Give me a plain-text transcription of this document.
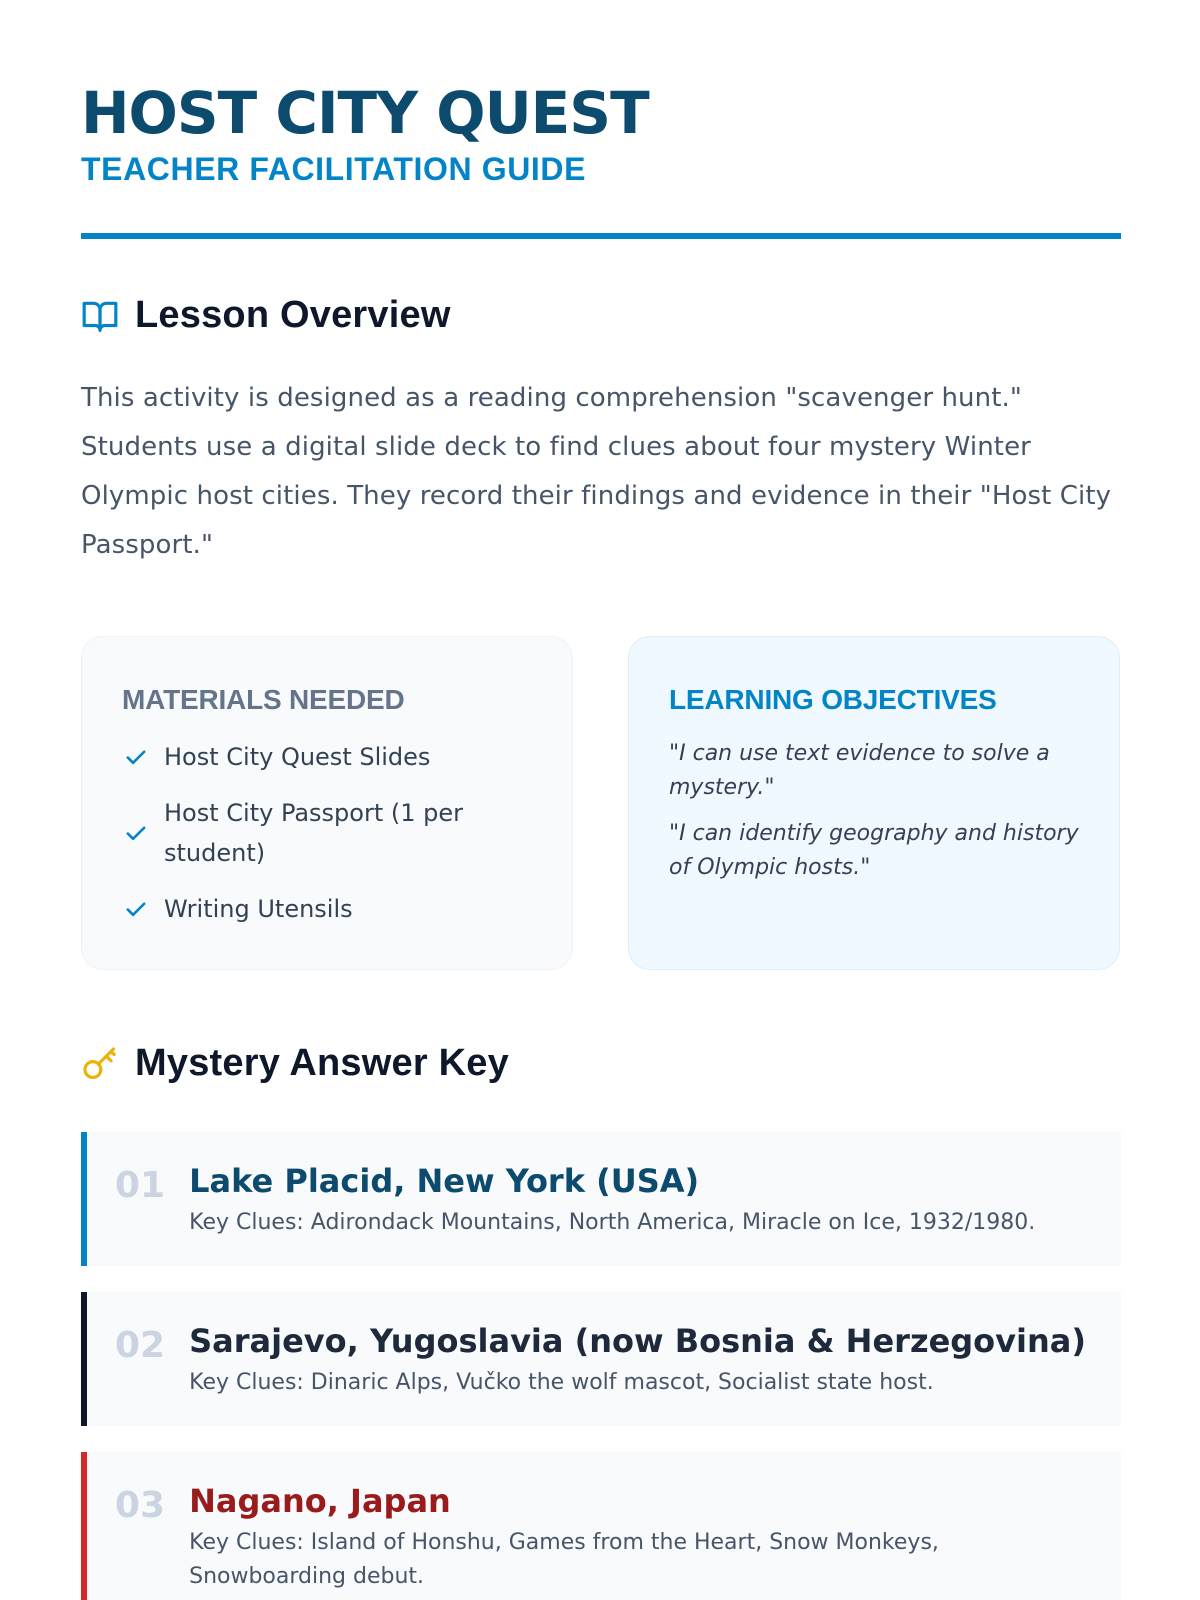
HOST CITY QUEST
TEACHER FACILITATION GUIDE
Lesson Overview

This activity is designed as a reading comprehension "scavenger hunt." Students use a digital slide deck to find clues about four mystery Winter Olympic host cities. They record their findings and evidence in their "Host City Passport."

MATERIALS NEEDED
Host City Quest Slides
Host City Passport (1 per student)
Writing Utensils
LEARNING OBJECTIVES

"I can use text evidence to solve a mystery."

"I can identify geography and history of Olympic hosts."

Mystery Answer Key
01 Lake Placid, New York (USA)
Key Clues: Adirondack Mountains, North America, Miracle on Ice, 1932/1980.
02 Sarajevo, Yugoslavia (now Bosnia & Herzegovina)
Key Clues: Dinaric Alps, Vučko the wolf mascot, Socialist state host.
03 Nagano, Japan
Key Clues: Island of Honshu, Games from the Heart, Snow Monkeys, Snowboarding debut.
